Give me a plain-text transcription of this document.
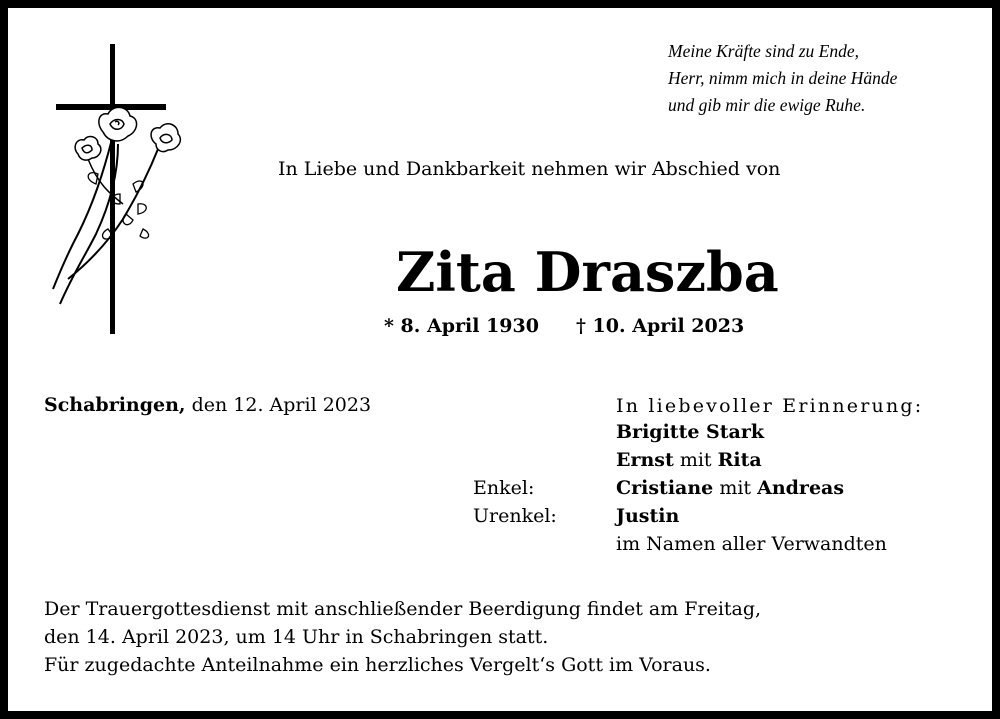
Meine Kräfte sind zu Ende,
Herr, nimm mich in deine Hände
und gib mir die ewige Ruhe.
In Liebe und Dankbarkeit nehmen wir Abschied von
Zita Draszba
* 8. April 1930 † 10. April 2023
Schabringen, den 12. April 2023	In liebevoller Erinnerung:
Brigitte Stark
Ernst mit Rita
Enkel:	Cristiane mit Andreas
Urenkel:	Justin
im Namen aller Verwandten
Der Trauergottesdienst mit anschließender Beerdigung findet am Freitag,
den 14. April 2023, um 14 Uhr in Schabringen statt.
Für zugedachte Anteilnahme ein herzliches Vergelt‘s Gott im Voraus.
